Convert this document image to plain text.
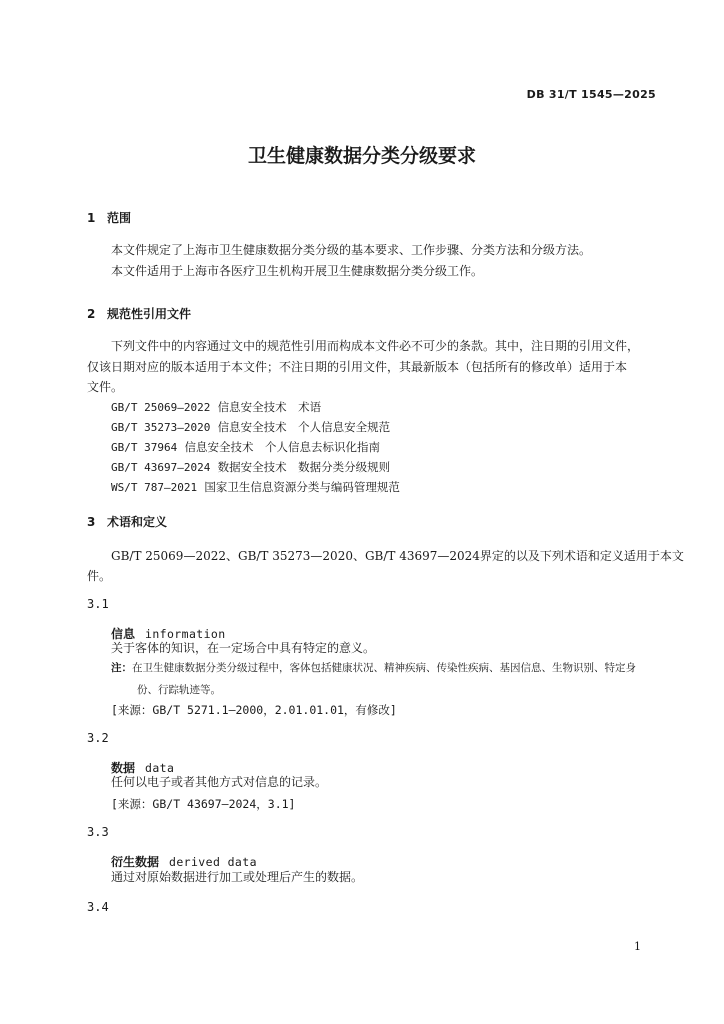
DB 31/T 1545—2025
卫生健康数据分类分级要求
1 范围
本文件规定了上海市卫生健康数据分类分级的基本要求、工作步骤、分类方法和分级方法。
本文件适用于上海市各医疗卫生机构开展卫生健康数据分类分级工作。
2 规范性引用文件
下列文件中的内容通过文中的规范性引用而构成本文件必不可少的条款。其中，注日期的引用文件，
仅该日期对应的版本适用于本文件；不注日期的引用文件，其最新版本（包括所有的修改单）适用于本
文件。
GB/T 25069—2022 信息安全技术　术语
GB/T 35273—2020 信息安全技术　个人信息安全规范
GB/T 37964 信息安全技术　个人信息去标识化指南
GB/T 43697—2024 数据安全技术　数据分类分级规则
WS/T 787—2021 国家卫生信息资源分类与编码管理规范
3 术语和定义
GB/T 25069—2022、GB/T 35273—2020、GB/T 43697—2024界定的以及下列术语和定义适用于本文
件。
3.1
信息 information
关于客体的知识，在一定场合中具有特定的意义。
注：在卫生健康数据分类分级过程中，客体包括健康状况、精神疾病、传染性疾病、基因信息、生物识别、特定身
份、行踪轨迹等。
[来源：GB/T 5271.1—2000，2.01.01.01，有修改]
3.2
数据 data
任何以电子或者其他方式对信息的记录。
[来源：GB/T 43697—2024，3.1]
3.3
衍生数据 derived data
通过对原始数据进行加工或处理后产生的数据。
3.4
1
